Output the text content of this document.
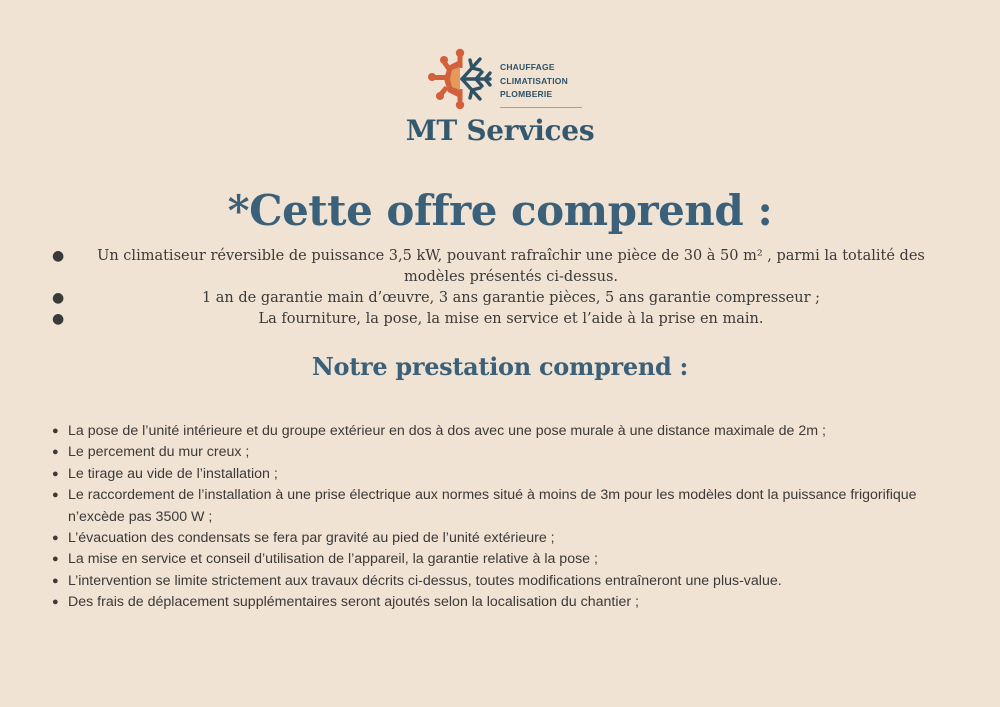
CHAUFFAGE
CLIMATISATION
PLOMBERIE
MT Services
*Cette offre comprend :
● Un climatiseur réversible de puissance 3,5 kW, pouvant rafraîchir une pièce de 30 à 50 m² , parmi la totalité des modèles présentés ci-dessus.
●	1 an de garantie main d’œuvre, 3 ans garantie pièces, 5 ans garantie compresseur ;
●	La fourniture, la pose, la mise en service et l’aide à la prise en main.
Notre prestation comprend :
● La pose de l’unité intérieure et du groupe extérieur en dos à dos avec une pose murale à une distance maximale de 2m ;
● Le percement du mur creux ;
● Le tirage au vide de l’installation ;
● Le raccordement de l’installation à une prise électrique aux normes situé à moins de 3m pour les modèles dont la puissance frigorifique n’excède pas 3500 W ;
● L’évacuation des condensats se fera par gravité au pied de l’unité extérieure ;
● La mise en service et conseil d’utilisation de l’appareil, la garantie relative à la pose ;
● L’intervention se limite strictement aux travaux décrits ci-dessus, toutes modifications entraîneront une plus-value.
● Des frais de déplacement supplémentaires seront ajoutés selon la localisation du chantier ;
